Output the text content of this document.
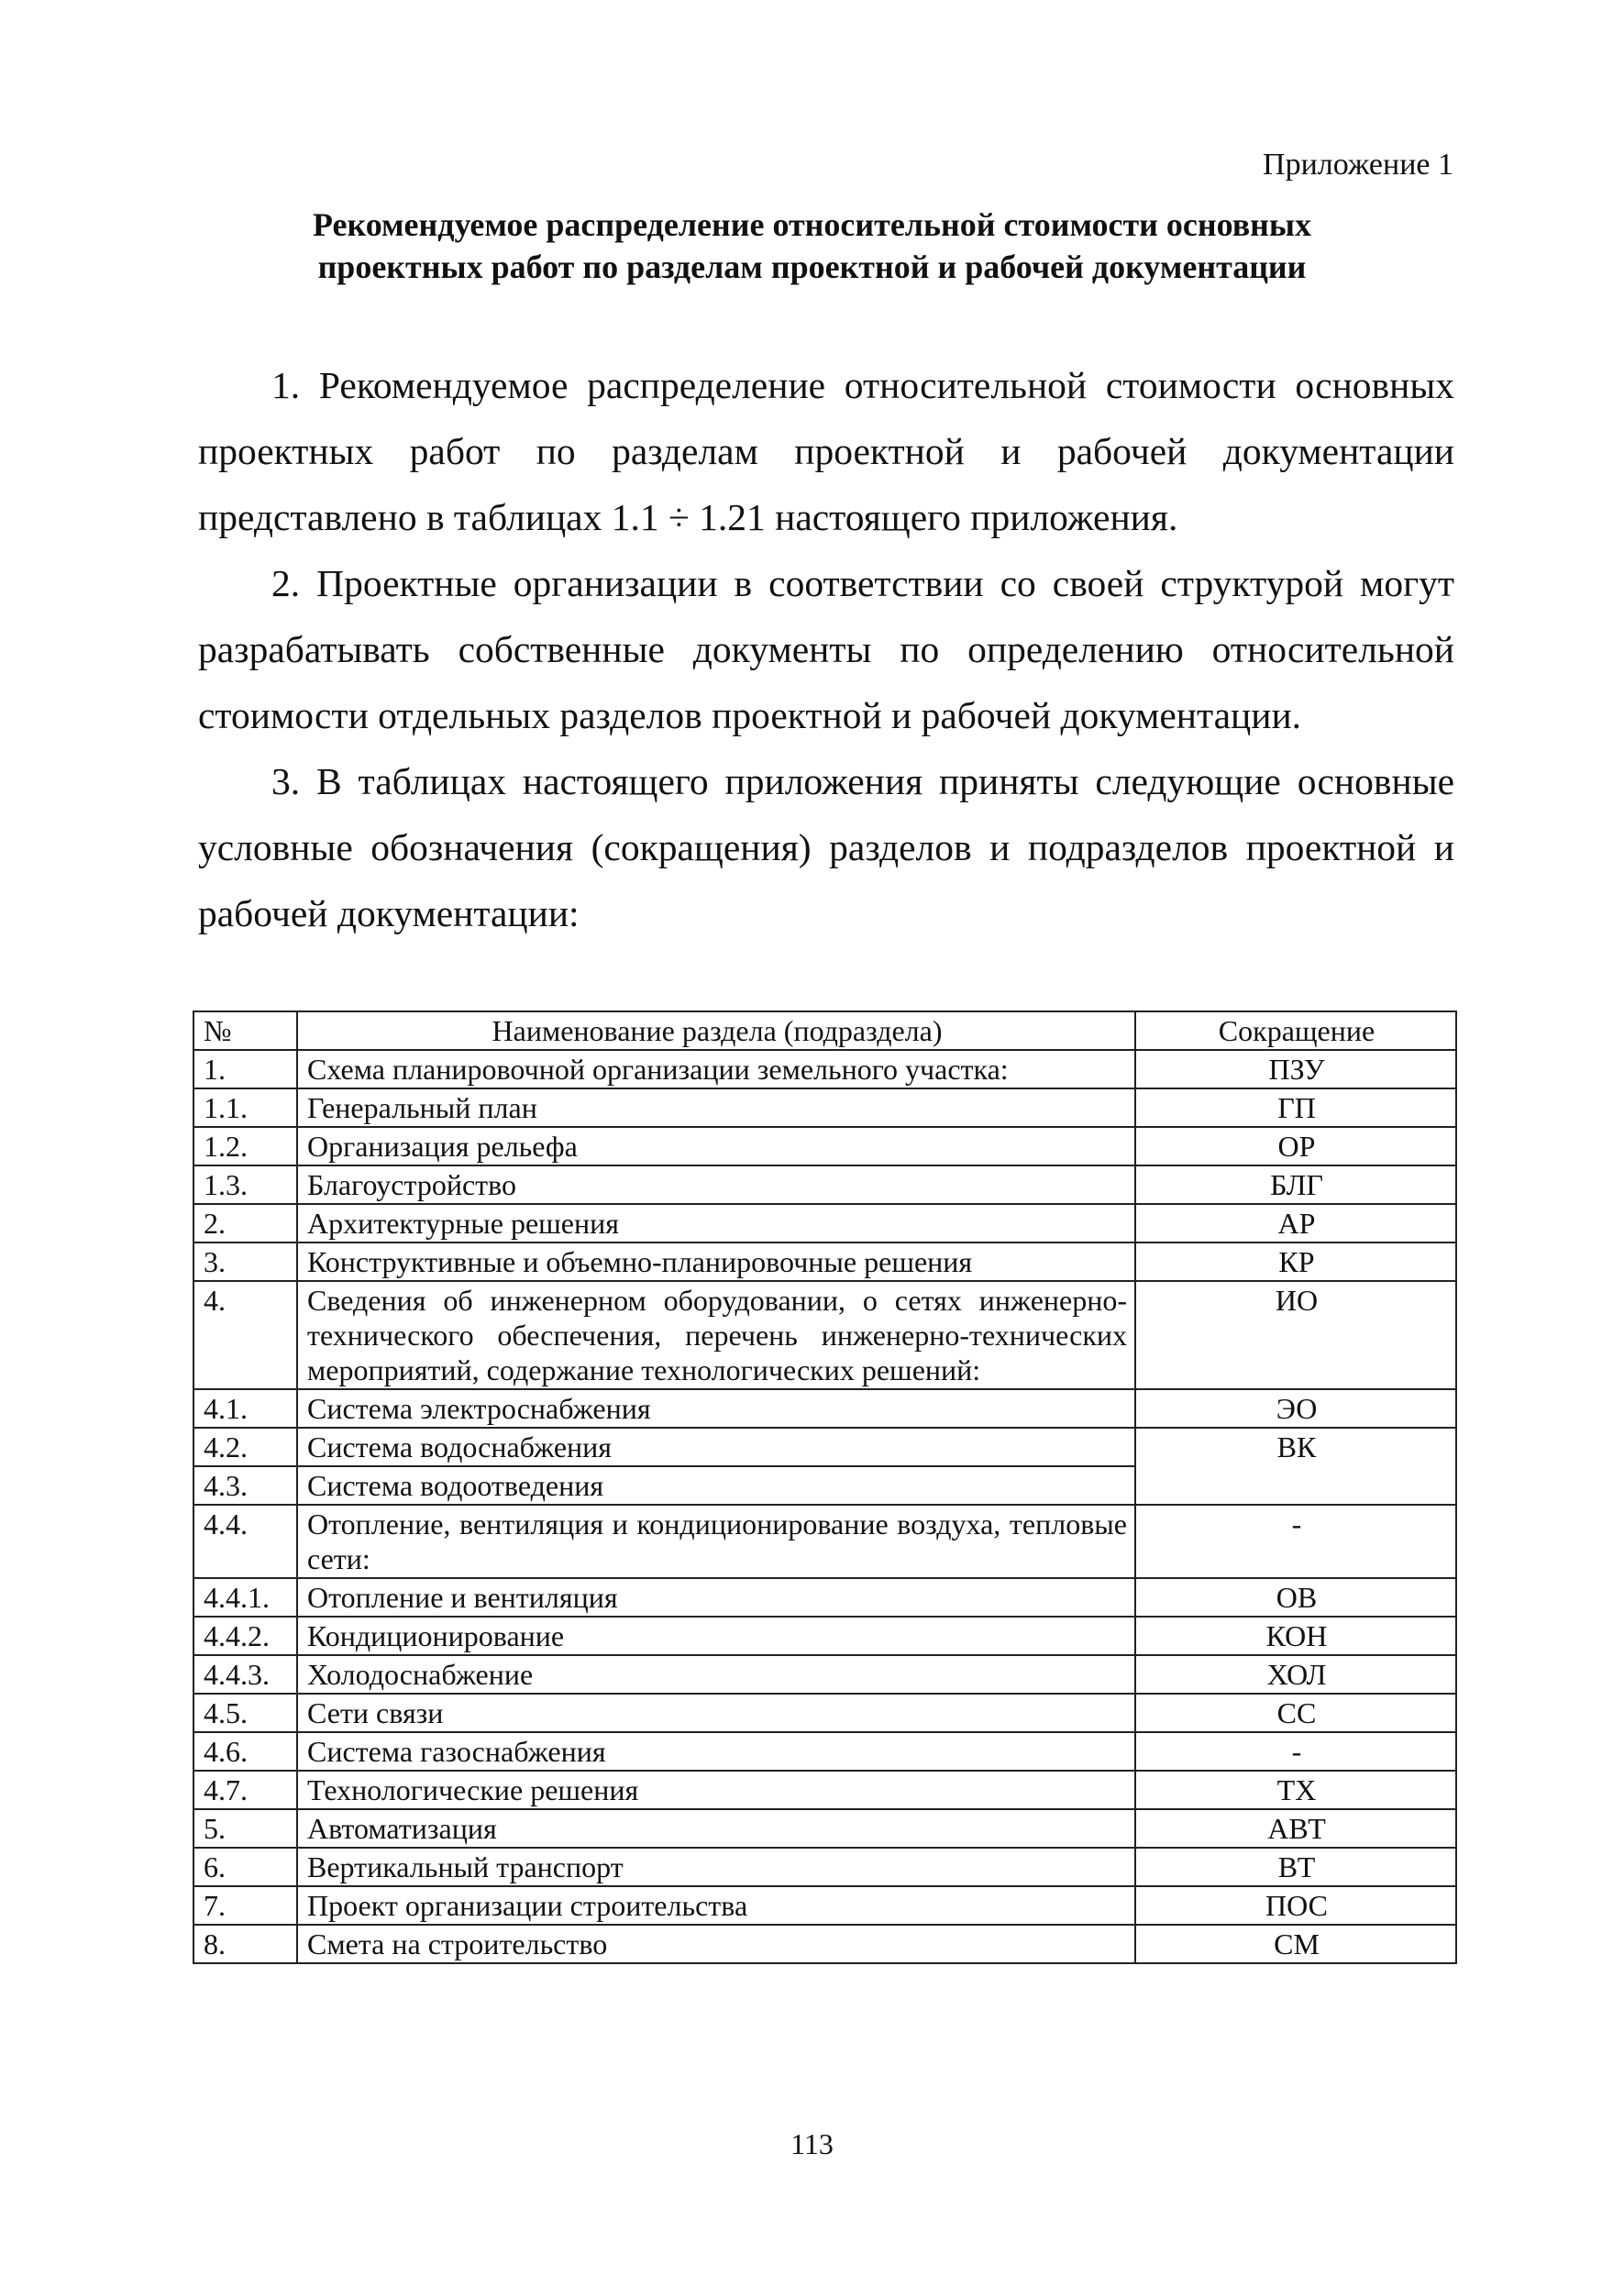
Приложение 1
Рекомендуемое распределение относительной стоимости основных
проектных работ по разделам проектной и рабочей документации

1. Рекомендуемое распределение относительной стоимости основных проектных работ по разделам проектной и рабочей документации представлено в таблицах 1.1 ÷ 1.21 настоящего приложения.

2. Проектные организации в соответствии со своей структурой могут разрабатывать собственные документы по определению относительной стоимости отдельных разделов проектной и рабочей документации.

3. В таблицах настоящего приложения приняты следующие основные условные обозначения (сокращения) разделов и подразделов проектной и рабочей документации:

№	Наименование раздела (подраздела)	Сокращение
1.	Схема планировочной организации земельного участка:	ПЗУ
1.1.	Генеральный план	ГП
1.2.	Организация рельефа	ОР
1.3.	Благоустройство	БЛГ
2.	Архитектурные решения	АР
3.	Конструктивные и объемно-планировочные решения	КР
4.	Сведения об инженерном оборудовании, о сетях инженерно-технического обеспечения, перечень инженерно-технических мероприятий, содержание технологических решений:	ИО
4.1.	Система электроснабжения	ЭО
4.2.	Система водоснабжения	ВК
4.3.	Система водоотведения	
4.4.	Отопление, вентиляция и кондиционирование воздуха, тепловые сети:	-
4.4.1.	Отопление и вентиляция	ОВ
4.4.2.	Кондиционирование	КОН
4.4.3.	Холодоснабжение	ХОЛ
4.5.	Сети связи	СС
4.6.	Система газоснабжения	-
4.7.	Технологические решения	ТХ
5.	Автоматизация	АВТ
6.	Вертикальный транспорт	ВТ
7.	Проект организации строительства	ПОС
8.	Смета на строительство	СМ
113
